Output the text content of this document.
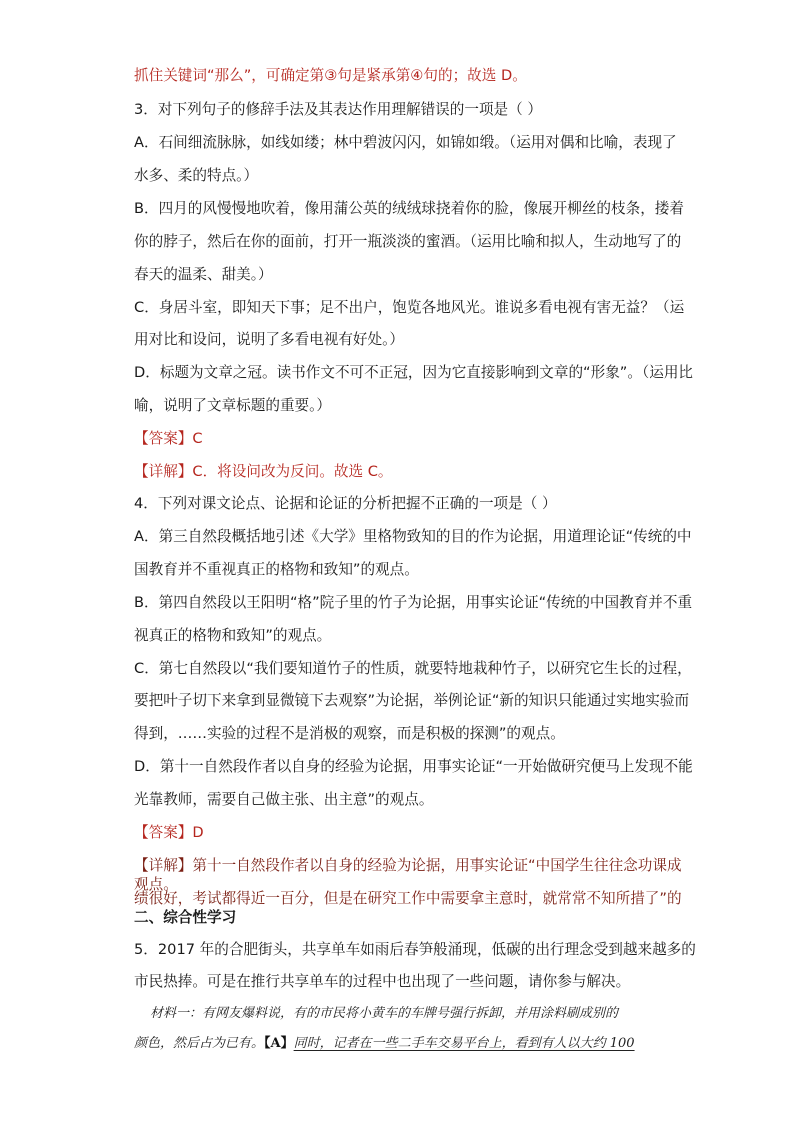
抓住关键词“那么”，可确定第③句是紧承第④句的；故选 D。
3．对下列句子的修辞手法及其表达作用理解错误的一项是（ ）
A．石间细流脉脉，如线如缕；林中碧波闪闪，如锦如缎。（运用对偶和比喻，表现了
水多、柔的特点。）
B．四月的风慢慢地吹着，像用蒲公英的绒绒球挠着你的脸，像展开柳丝的枝条，搂着
你的脖子，然后在你的面前，打开一瓶淡淡的蜜酒。（运用比喻和拟人，生动地写了的
春天的温柔、甜美。）
C．身居斗室，即知天下事；足不出户，饱览各地风光。谁说多看电视有害无益？（运
用对比和设问，说明了多看电视有好处。）
D．标题为文章之冠。读书作文不可不正冠，因为它直接影响到文章的“形象”。（运用比
喻，说明了文章标题的重要。）
【答案】C
【详解】C．将设问改为反问。故选 C。
4．下列对课文论点、论据和论证的分析把握不正确的一项是（ ）
A．第三自然段概括地引述《大学》里格物致知的目的作为论据，用道理论证“传统的中
国教育并不重视真正的格物和致知”的观点。
B．第四自然段以王阳明“格”院子里的竹子为论据，用事实论证“传统的中国教育并不重
视真正的格物和致知”的观点。
C．第七自然段以“我们要知道竹子的性质，就要特地栽种竹子，以研究它生长的过程，
要把叶子切下来拿到显微镜下去观察”为论据，举例论证“新的知识只能通过实地实验而
得到，……实验的过程不是消极的观察，而是积极的探测”的观点。
D．第十一自然段作者以自身的经验为论据，用事实论证“一开始做研究便马上发现不能
光靠教师，需要自己做主张、出主意”的观点。
【答案】D
【详解】第十一自然段作者以自身的经验为论据，用事实论证“中国学生往往念功课成
绩很好，考试都得近一百分，但是在研究工作中需要拿主意时，就常常不知所措了”的
观点。
二、综合性学习
5．2017 年的合肥街头，共享单车如雨后春笋般涌现，低碳的出行理念受到越来越多的
市民热捧。可是在推行共享单车的过程中也出现了一些问题，请你参与解决。
材料一：有网友爆料说，有的市民将小黄车的车牌号强行拆卸，并用涂料刷成别的
颜色，然后占为已有。【A】同时，记者在一些二手车交易平台上，看到有人以大约 100
